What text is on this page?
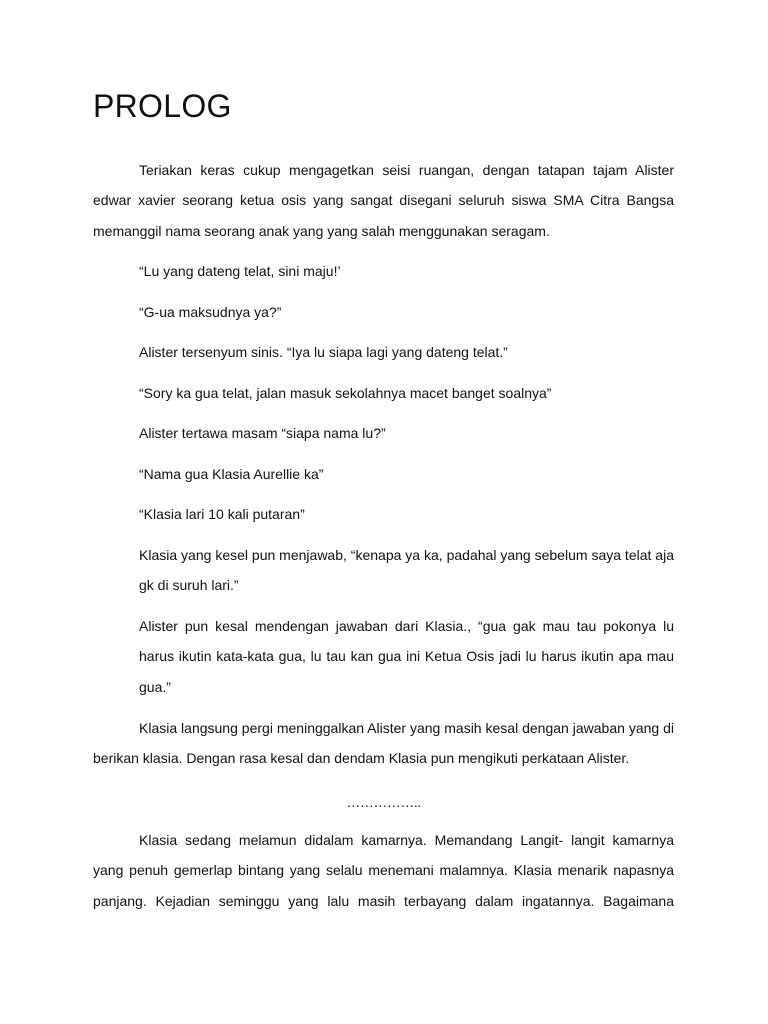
PROLOG

Teriakan keras cukup mengagetkan seisi ruangan, dengan tatapan tajam Alister edwar xavier seorang ketua osis yang sangat disegani seluruh siswa SMA Citra Bangsa memanggil nama seorang anak yang yang salah menggunakan seragam.

“Lu yang dateng telat, sini maju!’

“G-ua maksudnya ya?”

Alister tersenyum sinis. “Iya lu siapa lagi yang dateng telat.”

“Sory ka gua telat, jalan masuk sekolahnya macet banget soalnya”

Alister tertawa masam “siapa nama lu?”

“Nama gua Klasia Aurellie ka”

“Klasia lari 10 kali putaran”

Klasia yang kesel pun menjawab, “kenapa ya ka, padahal yang sebelum saya telat aja gk di suruh lari.”

Alister pun kesal mendengan jawaban dari Klasia., “gua gak mau tau pokonya lu harus ikutin kata-kata gua, lu tau kan gua ini Ketua Osis jadi lu harus ikutin apa mau gua.”

Klasia langsung pergi meninggalkan Alister yang masih kesal dengan jawaban yang di berikan klasia. Dengan rasa kesal dan dendam Klasia pun mengikuti perkataan Alister.

……………..

Klasia sedang melamun didalam kamarnya. Memandang Langit- langit kamarnya yang penuh gemerlap bintang yang selalu menemani malamnya. Klasia menarik napasnya panjang. Kejadian seminggu yang lalu masih terbayang dalam ingatannya. Bagaimana
